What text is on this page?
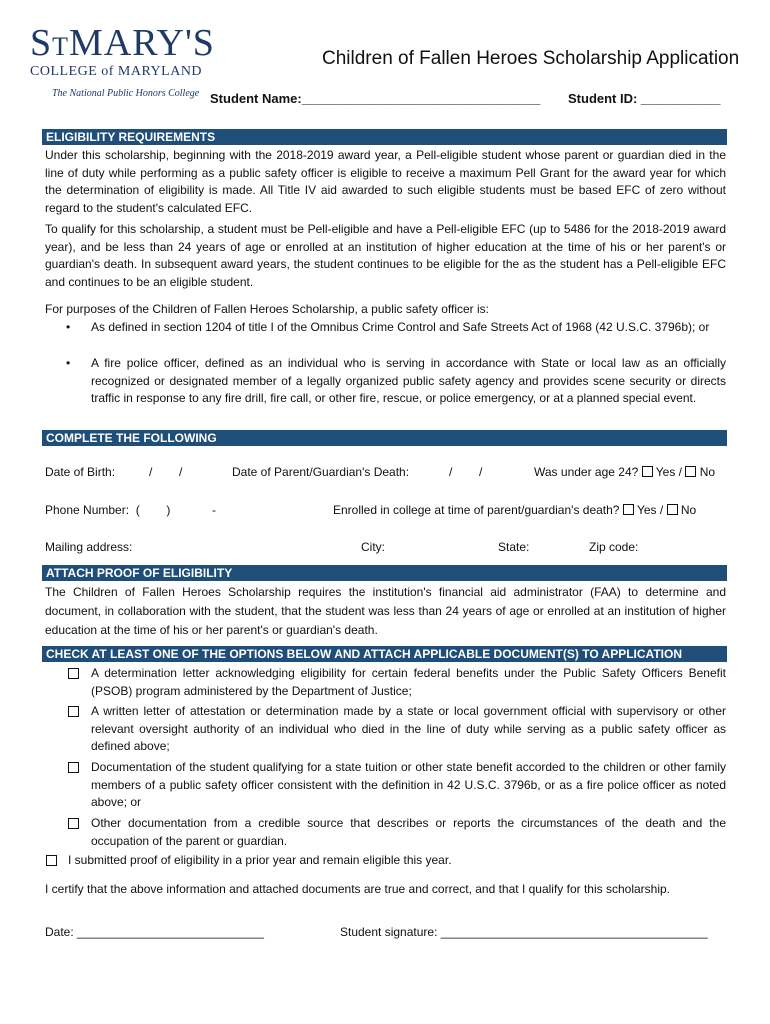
STMARY'S
COLLEGE of MARYLAND
The National Public Honors College
Children of Fallen Heroes Scholarship Application
Student Name:_________________________________ Student ID: ___________
ELIGIBILITY REQUIREMENTS
Under this scholarship, beginning with the 2018-2019 award year, a Pell-eligible student whose parent or guardian died in the line of duty while performing as a public safety officer is eligible to receive a maximum Pell Grant for the award year for which the determination of eligibility is made. All Title IV aid awarded to such eligible students must be based EFC of zero without regard to the student's calculated EFC.
To qualify for this scholarship, a student must be Pell-eligible and have a Pell-eligible EFC (up to 5486 for the 2018-2019 award year), and be less than 24 years of age or enrolled at an institution of higher education at the time of his or her parent's or guardian's death. In subsequent award years, the student continues to be eligible for the as the student has a Pell-eligible EFC and continues to be an eligible student.
For purposes of the Children of Fallen Heroes Scholarship, a public safety officer is:
• As defined in section 1204 of title I of the Omnibus Crime Control and Safe Streets Act of 1968 (42 U.S.C. 3796b); or
• A fire police officer, defined as an individual who is serving in accordance with State or local law as an officially recognized or designated member of a legally organized public safety agency and provides scene security or directs traffic in response to any fire drill, fire call, or other fire, rescue, or police emergency, or at a planned special event.
COMPLETE THE FOLLOWING
Date of Birth:	/        /	Date of Parent/Guardian's Death:	/        /	Was under age 24? Yes / No
Phone Number:  (        )	-	Enrolled in college at time of parent/guardian's death? Yes / No
Mailing address:	City:	State:	Zip code:
ATTACH PROOF OF ELIGIBILITY
The Children of Fallen Heroes Scholarship requires the institution's financial aid administrator (FAA) to determine and document, in collaboration with the student, that the student was less than 24 years of age or enrolled at an institution of higher education at the time of his or her parent's or guardian's death.
CHECK AT LEAST ONE OF THE OPTIONS BELOW AND ATTACH APPLICABLE DOCUMENT(S) TO APPLICATION
A determination letter acknowledging eligibility for certain federal benefits under the Public Safety Officers Benefit (PSOB) program administered by the Department of Justice;
A written letter of attestation or determination made by a state or local government official with supervisory or other relevant oversight authority of an individual who died in the line of duty while serving as a public safety officer as defined above;
Documentation of the student qualifying for a state tuition or other state benefit accorded to the children or other family members of a public safety officer consistent with the definition in 42 U.S.C. 3796b, or as a fire police officer as noted above; or
Other documentation from a credible source that describes or reports the circumstances of the death and the occupation of the parent or guardian.
I submitted proof of eligibility in a prior year and remain eligible this year.
I certify that the above information and attached documents are true and correct, and that I qualify for this scholarship.
Date: ____________________________	Student signature: ________________________________________
